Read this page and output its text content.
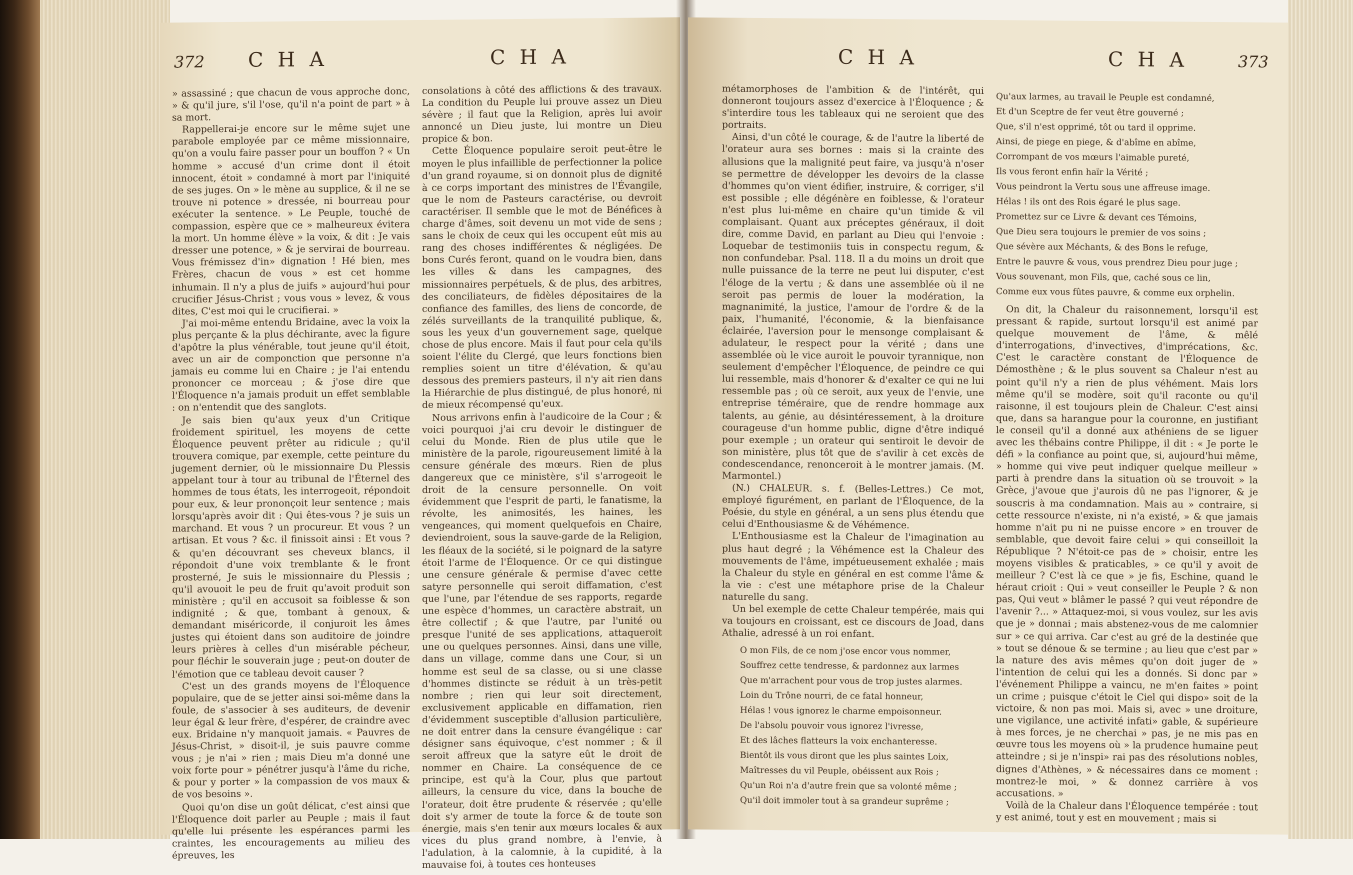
372 C H A	C H A

» assassiné ; que chacun de vous approche donc, » & qu'il jure, s'il l'ose, qu'il n'a point de part » à sa mort.

Rappellerai-je encore sur le même sujet une parabole employée par ce même missionnaire, qu'on a voulu faire passer pour un bouffon ? « Un homme » accusé d'un crime dont il étoit innocent, étoit » condamné à mort par l'iniquité de ses juges. On » le mène au supplice, & il ne se trouve ni potence » dressée, ni bourreau pour exécuter la sentence. » Le Peuple, touché de compassion, espère que ce » malheureux évitera la mort. Un homme élève » la voix, & dit : Je vais dresser une potence, » & je servirai de bourreau. Vous frémissez d'in» dignation ! Hé bien, mes Frères, chacun de vous » est cet homme inhumain. Il n'y a plus de juifs » aujourd'hui pour crucifier Jésus-Christ ; vous vous » levez, & vous dites, C'est moi qui le crucifierai. »

J'ai moi-même entendu Bridaine, avec la voix la plus perçante & la plus déchirante, avec la figure d'apôtre la plus vénérable, tout jeune qu'il étoit, avec un air de componction que personne n'a jamais eu comme lui en Chaire ; je l'ai entendu prononcer ce morceau ; & j'ose dire que l'Éloquence n'a jamais produit un effet semblable : on n'entendit que des sanglots.

Je sais bien qu'aux yeux d'un Critique froidement spirituel, les moyens de cette Éloquence peuvent prêter au ridicule ; qu'il trouvera comique, par exemple, cette peinture du jugement dernier, où le missionnaire Du Plessis appelant tour à tour au tribunal de l'Éternel des hommes de tous états, les interrogeoit, répondoit pour eux, & leur prononçoit leur sentence ; mais lorsqu'après avoir dit : Qui êtes-vous ? je suis un marchand. Et vous ? un procureur. Et vous ? un artisan. Et vous ? &c. il finissoit ainsi : Et vous ? & qu'en découvrant ses cheveux blancs, il répondoit d'une voix tremblante & le front prosterné, Je suis le missionnaire du Plessis ; qu'il avouoit le peu de fruit qu'avoit produit son ministère ; qu'il en accusoit sa foiblesse & son indignité ; & que, tombant à genoux, & demandant miséricorde, il conjuroit les âmes justes qui étoient dans son auditoire de joindre leurs prières à celles d'un misérable pécheur, pour fléchir le souverain juge ; peut-on douter de l'émotion que ce tableau devoit causer ?

C'est un des grands moyens de l'Éloquence populaire, que de se jetter ainsi soi-même dans la foule, de s'associer à ses auditeurs, de devenir leur égal & leur frère, d'espérer, de craindre avec eux. Bridaine n'y manquoit jamais. « Pauvres de Jésus-Christ, » disoit-il, je suis pauvre comme vous ; je n'ai » rien ; mais Dieu m'a donné une voix forte pour » pénétrer jusqu'à l'âme du riche, & pour y porter » la compassion de vos maux & de vos besoins ».

Quoi qu'on dise un goût délicat, c'est ainsi que l'Éloquence doit parler au Peuple ; mais il faut qu'elle lui présente les espérances parmi les craintes, les encouragements au milieu des épreuves, les

consolations à côté des afflictions & des travaux. La condition du Peuple lui prouve assez un Dieu sévère ; il faut que la Religion, après lui avoir annoncé un Dieu juste, lui montre un Dieu propice & bon.

Cette Éloquence populaire seroit peut-être le moyen le plus infaillible de perfectionner la police d'un grand royaume, si on donnoit plus de dignité à ce corps important des ministres de l'Évangile, que le nom de Pasteurs caractérise, ou devroit caractériser. Il semble que le mot de Bénéfices à charge d'âmes, soit devenu un mot vide de sens ; sans le choix de ceux qui les occupent eût mis au rang des choses indifférentes & négligées. De bons Curés feront, quand on le voudra bien, dans les villes & dans les campagnes, des missionnaires perpétuels, & de plus, des arbitres, des conciliateurs, de fidèles dépositaires de la confiance des familles, des liens de concorde, de zélés surveillants de la tranquilité publique, &, sous les yeux d'un gouvernement sage, quelque chose de plus encore. Mais il faut pour cela qu'ils soient l'élite du Clergé, que leurs fonctions bien remplies soient un titre d'élévation, & qu'au dessous des premiers pasteurs, il n'y ait rien dans la Hiérarchie de plus distingué, de plus honoré, ni de mieux récompensé qu'eux.

Nous arrivons enfin à l'audicoire de la Cour ; & voici pourquoi j'ai cru devoir le distinguer de celui du Monde. Rien de plus utile que le ministère de la parole, rigoureusement limité à la censure générale des mœurs. Rien de plus dangereux que ce ministère, s'il s'arrogeoit le droit de la censure personnelle. On voit évidemment que l'esprit de parti, le fanatisme, la révolte, les animosités, les haines, les vengeances, qui moment quelquefois en Chaire, deviendroient, sous la sauve-garde de la Religion, les fléaux de la société, si le poignard de la satyre étoit l'arme de l'Éloquence. Or ce qui distingue une censure générale & permise d'avec cette satyre personnelle qui seroit diffamation, c'est que l'une, par l'étendue de ses rapports, regarde une espèce d'hommes, un caractère abstrait, un être collectif ; & que l'autre, par l'unité ou presque l'unité de ses applications, attaqueroit une ou quelques personnes. Ainsi, dans une ville, dans un village, comme dans une Cour, si un homme est seul de sa classe, ou si une classe d'hommes distincte se réduit à un très-petit nombre ; rien qui leur soit directement, exclusivement applicable en diffamation, rien d'évidemment susceptible d'allusion particulière, ne doit entrer dans la censure évangélique : car désigner sans équivoque, c'est nommer ; & il seroit affreux que la satyre eût le droit de nommer en Chaire. La conséquence de ce principe, est qu'à la Cour, plus que partout ailleurs, la censure du vice, dans la bouche de l'orateur, doit être prudente & réservée ; qu'elle doit s'y armer de toute la force & de toute son énergie, mais s'en tenir aux mœurs locales & aux vices du plus grand nombre, à l'envie, à l'adulation, à la calomnie, à la cupidité, à la mauvaise foi, à toutes ces honteuses

C H A	C H A	373

métamorphoses de l'ambition & de l'intérêt, qui donneront toujours assez d'exercice à l'Éloquence ; & s'interdire tous les tableaux qui ne seroient que des portraits.

Ainsi, d'un côté le courage, & de l'autre la liberté de l'orateur aura ses bornes : mais si la crainte des allusions que la malignité peut faire, va jusqu'à n'oser se permettre de développer les devoirs de la classe d'hommes qu'on vient édifier, instruire, & corriger, s'il est possible ; elle dégénère en foiblesse, & l'orateur n'est plus lui-même en chaire qu'un timide & vil complaisant. Quant aux préceptes généraux, il doit dire, comme David, en parlant au Dieu qui l'envoie : Loquebar de testimoniis tuis in conspectu regum, & non confundebar. Psal. 118. Il a du moins un droit que nulle puissance de la terre ne peut lui disputer, c'est l'éloge de la vertu ; & dans une assemblée où il ne seroit pas permis de louer la modération, la magnanimité, la justice, l'amour de l'ordre & de la paix, l'humanité, l'économie, & la bienfaisance éclairée, l'aversion pour le mensonge complaisant & adulateur, le respect pour la vérité ; dans une assemblée où le vice auroit le pouvoir tyrannique, non seulement d'empêcher l'Éloquence, de peindre ce qui lui ressemble, mais d'honorer & d'exalter ce qui ne lui ressemble pas ; où ce seroit, aux yeux de l'envie, une entreprise téméraire, que de rendre hommage aux talents, au génie, au désintéressement, à la droiture courageuse d'un homme public, digne d'être indiqué pour exemple ; un orateur qui sentiroit le devoir de son ministère, plus tôt que de s'avilir à cet excès de condescendance, renonceroit à le montrer jamais. (M. Marmontel.)

(N.) CHALEUR. s. f. (Belles-Lettres.) Ce mot, employé figurément, en parlant de l'Éloquence, de la Poésie, du style en général, a un sens plus étendu que celui d'Enthousiasme & de Véhémence.

L'Enthousiasme est la Chaleur de l'imagination au plus haut degré ; la Véhémence est la Chaleur des mouvements de l'âme, impétueusement exhalée ; mais la Chaleur du style en général en est comme l'âme & la vie : c'est une métaphore prise de la Chaleur naturelle du sang.

Un bel exemple de cette Chaleur tempérée, mais qui va toujours en croissant, est ce discours de Joad, dans Athalie, adressé à un roi enfant.

O mon Fils, de ce nom j'ose encor vous nommer,
Souffrez cette tendresse, & pardonnez aux larmes
Que m'arrachent pour vous de trop justes alarmes.
Loin du Trône nourri, de ce fatal honneur,
Hélas ! vous ignorez le charme empoisonneur.
De l'absolu pouvoir vous ignorez l'ivresse,
Et des lâches flatteurs la voix enchanteresse.
Bientôt ils vous diront que les plus saintes Loix,
Maîtresses du vil Peuple, obéissent aux Rois ;
Qu'un Roi n'a d'autre frein que sa volonté même ;
Qu'il doit immoler tout à sa grandeur suprême ;
Qu'aux larmes, au travail le Peuple est condamné,
Et d'un Sceptre de fer veut être gouverné ;
Que, s'il n'est opprimé, tôt ou tard il opprime.
Ainsi, de piege en piege, & d'abîme en abîme,
Corrompant de vos mœurs l'aimable pureté,
Ils vous feront enfin haïr la Vérité ;
Vous peindront la Vertu sous une affreuse image.
Hélas ! ils ont des Rois égaré le plus sage.
Promettez sur ce Livre & devant ces Témoins,
Que Dieu sera toujours le premier de vos soins ;
Que sévère aux Méchants, & des Bons le refuge,
Entre le pauvre & vous, vous prendrez Dieu pour juge ;
Vous souvenant, mon Fils, que, caché sous ce lin,
Comme eux vous fûtes pauvre, & comme eux orphelin.

On dit, la Chaleur du raisonnement, lorsqu'il est pressant & rapide, surtout lorsqu'il est animé par quelque mouvement de l'âme, & mêlé d'interrogations, d'invectives, d'imprécations, &c. C'est le caractère constant de l'Éloquence de Démosthène ; & le plus souvent sa Chaleur n'est au point qu'il n'y a rien de plus véhément. Mais lors même qu'il se modère, soit qu'il raconte ou qu'il raisonne, il est toujours plein de Chaleur. C'est ainsi que, dans sa harangue pour la couronne, en justifiant le conseil qu'il a donné aux athéniens de se liguer avec les thébains contre Philippe, il dit : « Je porte le défi » la confiance au point que, si, aujourd'hui même, » homme qui vive peut indiquer quelque meilleur » parti à prendre dans la situation où se trouvoit » la Grèce, j'avoue que j'aurois dû ne pas l'ignorer, & je souscris à ma condamnation. Mais au » contraire, si cette ressource n'existe, ni n'a existé, » & que jamais homme n'ait pu ni ne puisse encore » en trouver de semblable, que devoit faire celui » qui conseilloit la République ? N'étoit-ce pas de » choisir, entre les moyens visibles & praticables, » ce qu'il y avoit de meilleur ? C'est là ce que » je fis, Eschine, quand le héraut crioit : Qui » veut conseiller le Peuple ? & non pas, Qui veut » blâmer le passé ? qui veut répondre de l'avenir ?... » Attaquez-moi, si vous voulez, sur les avis que je » donnai ; mais abstenez-vous de me calomnier sur » ce qui arriva. Car c'est au gré de la destinée que » tout se dénoue & se termine ; au lieu que c'est par » la nature des avis mêmes qu'on doit juger de » l'intention de celui qui les a donnés. Si donc par » l'événement Philippe a vaincu, ne m'en faites » point un crime ; puisque c'étoit le Ciel qui dispo» soit de la victoire, & non pas moi. Mais si, avec » une droiture, une vigilance, une activité infati» gable, & supérieure à mes forces, je ne cherchai » pas, je ne mis pas en œuvre tous les moyens où » la prudence humaine peut atteindre ; si je n'inspi» rai pas des résolutions nobles, dignes d'Athènes, » & nécessaires dans ce moment : montrez-le moi, » & donnez carrière à vos accusations. »

Voilà de la Chaleur dans l'Éloquence tempérée : tout y est animé, tout y est en mouvement ; mais si
